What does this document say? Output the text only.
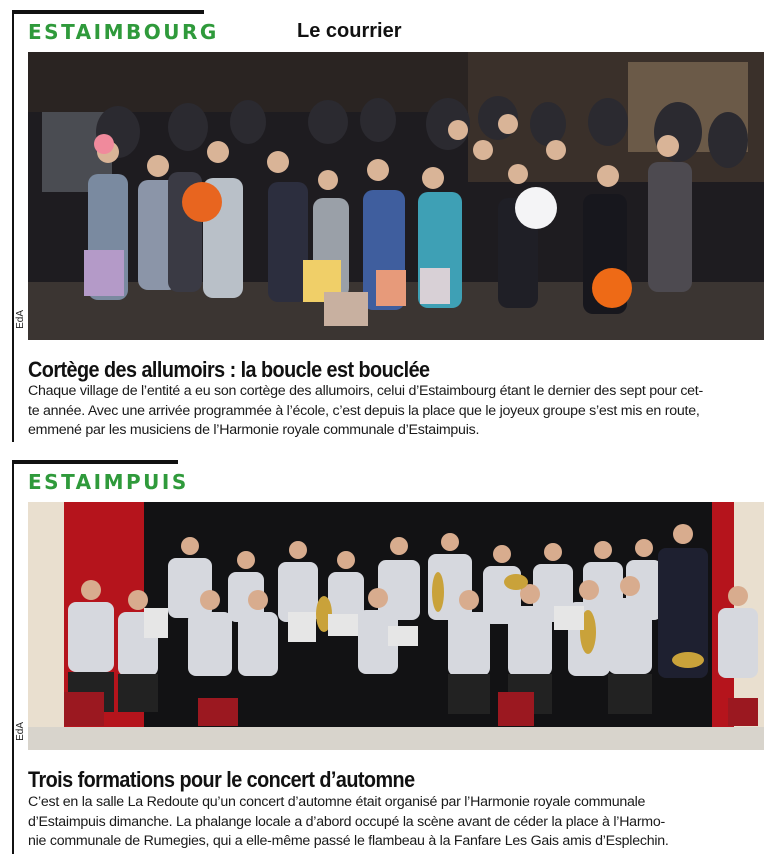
ESTAIMBOURG	Le courrier
EdA
Cortège des allumoirs : la boucle est bouclée
Chaque village de l’entité a eu son cortège des allumoirs, celui d’Estaimbourg étant le dernier des sept pour cet-
te année. Avec une arrivée programmée à l’école, c’est depuis la place que le joyeux groupe s’est mis en route,
emmené par les musiciens de l’Harmonie royale communale d’Estaimpuis.
ESTAIMPUIS
EdA
Trois formations pour le concert d’automne
C’est en la salle La Redoute qu’un concert d’automne était organisé par l’Harmonie royale communale
d’Estaimpuis dimanche. La phalange locale a d’abord occupé la scène avant de céder la place à l’Harmo-
nie communale de Rumegies, qui a elle-même passé le flambeau à la Fanfare Les Gais amis d’Esplechin.
